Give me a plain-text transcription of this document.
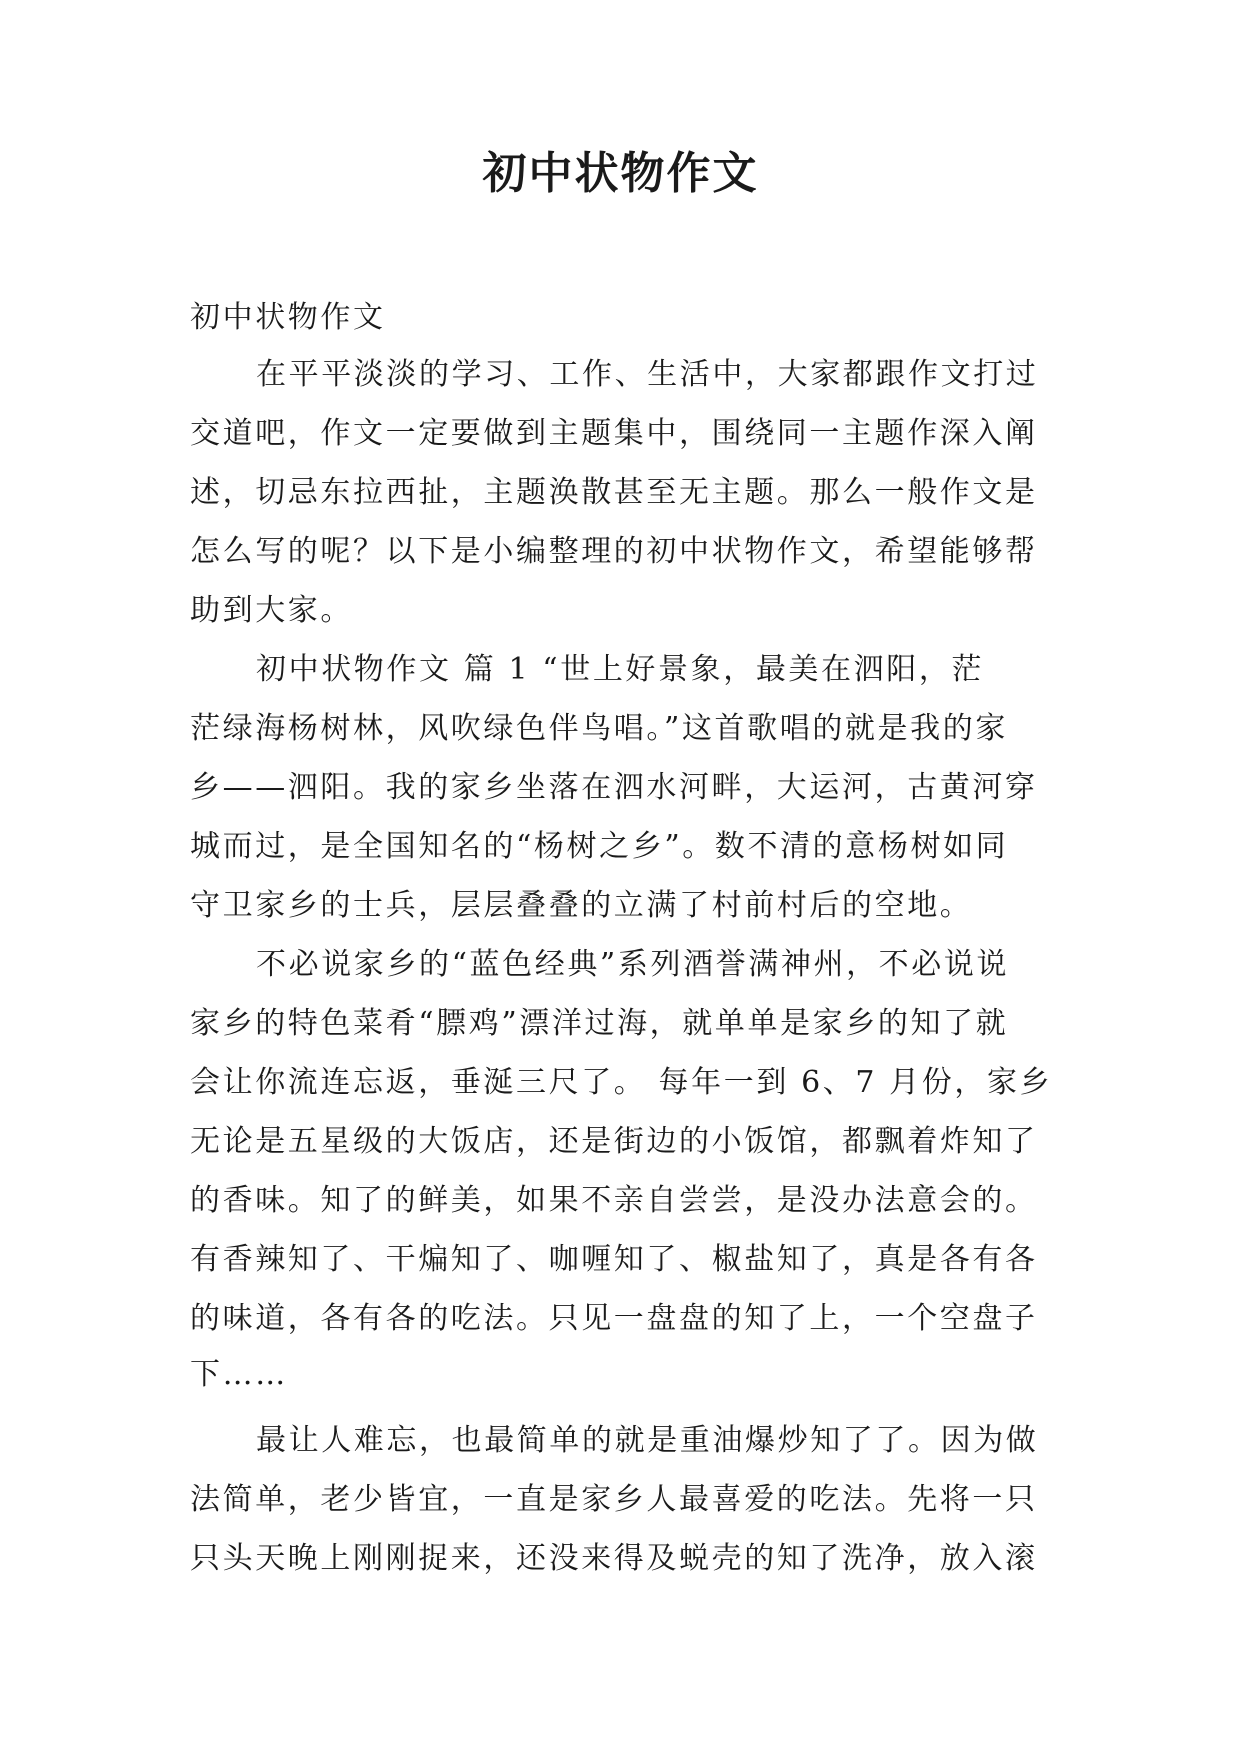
初中状物作文

初中状物作文

在平平淡淡的学习、工作、生活中，大家都跟作文打过

交道吧，作文一定要做到主题集中，围绕同一主题作深入阐

述，切忌东拉西扯，主题涣散甚至无主题。那么一般作文是

怎么写的呢？以下是小编整理的初中状物作文，希望能够帮

助到大家。

初中状物作文 篇 1 “世上好景象，最美在泗阳，茫

茫绿海杨树林，风吹绿色伴鸟唱。”这首歌唱的就是我的家

乡——泗阳。我的家乡坐落在泗水河畔，大运河，古黄河穿

城而过，是全国知名的“杨树之乡”。数不清的意杨树如同

守卫家乡的士兵，层层叠叠的立满了村前村后的空地。

不必说家乡的“蓝色经典”系列酒誉满神州，不必说说

家乡的特色菜肴“膘鸡”漂洋过海，就单单是家乡的知了就

会让你流连忘返，垂涎三尺了。 每年一到 6、7 月份，家乡

无论是五星级的大饭店，还是街边的小饭馆，都飘着炸知了

的香味。知了的鲜美，如果不亲自尝尝，是没办法意会的。

有香辣知了、干煸知了、咖喱知了、椒盐知了，真是各有各

的味道，各有各的吃法。只见一盘盘的知了上，一个空盘子

下……

最让人难忘，也最简单的就是重油爆炒知了了。因为做

法简单，老少皆宜，一直是家乡人最喜爱的吃法。先将一只

只头天晚上刚刚捉来，还没来得及蜕壳的知了洗净，放入滚
